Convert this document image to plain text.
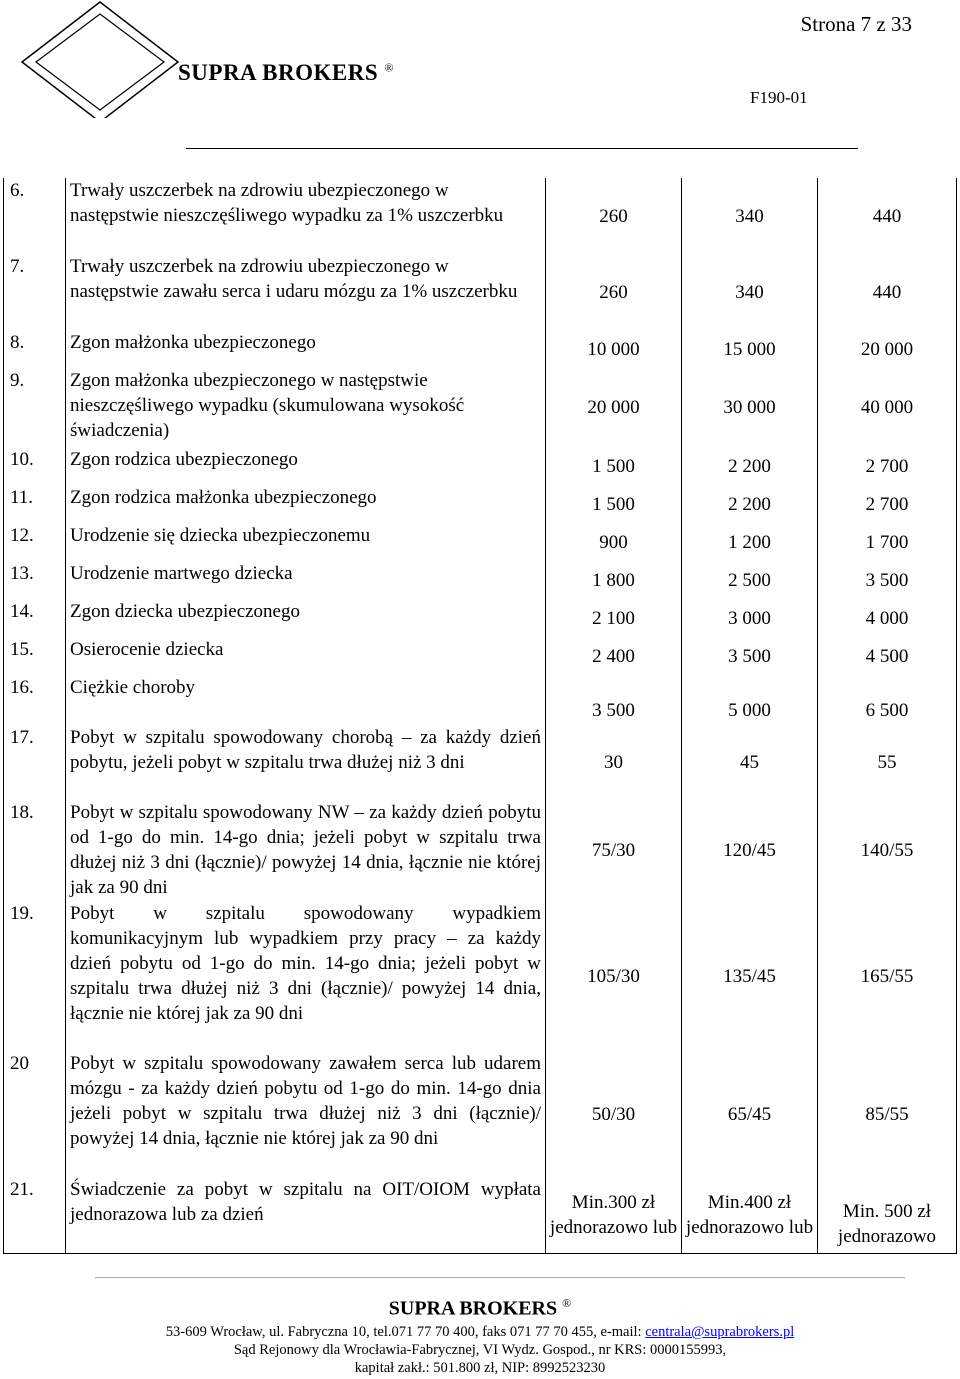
Strona 7 z 33
SUPRA BROKERS ®
F190-01
6.	Trwały uszczerbek na zdrowiu ubezpieczonego w następstwie nieszczęśliwego wypadku za 1% uszczerbku	260	340	440
7.	Trwały uszczerbek na zdrowiu ubezpieczonego w następstwie zawału serca i udaru mózgu za 1% uszczerbku	260	340	440
8.	Zgon małżonka ubezpieczonego	10 000	15 000	20 000
9.	Zgon małżonka ubezpieczonego w następstwie nieszczęśliwego wypadku (skumulowana wysokość świadczenia)	20 000	30 000	40 000
10.	Zgon rodzica ubezpieczonego	1 500	2 200	2 700
11.	Zgon rodzica małżonka ubezpieczonego	1 500	2 200	2 700
12.	Urodzenie się dziecka ubezpieczonemu	900	1 200	1 700
13.	Urodzenie martwego dziecka	1 800	2 500	3 500
14.	Zgon dziecka ubezpieczonego	2 100	3 000	4 000
15.	Osierocenie dziecka	2 400	3 500	4 500
16.	Ciężkie choroby	3 500	5 000	6 500
17.	Pobyt w szpitalu spowodowany chorobą – za każdy dzień pobytu, jeżeli pobyt w szpitalu trwa dłużej niż 3 dni	30	45	55
18.	Pobyt w szpitalu spowodowany NW – za każdy dzień pobytu od 1-go do min. 14-go dnia; jeżeli pobyt w szpitalu trwa dłużej niż 3 dni (łącznie)/ powyżej 14 dnia, łącznie nie której jak za 90 dni	75/30	120/45	140/55
19.	Pobyt w szpitalu spowodowany wypadkiem komunikacyjnym lub wypadkiem przy pracy – za każdy dzień pobytu od 1-go do min. 14-go dnia; jeżeli pobyt w szpitalu trwa dłużej niż 3 dni (łącznie)/ powyżej 14 dnia, łącznie nie której jak za 90 dni	105/30	135/45	165/55
20	Pobyt w szpitalu spowodowany zawałem serca lub udarem mózgu - za każdy dzień pobytu od 1-go do min. 14-go dnia jeżeli pobyt w szpitalu trwa dłużej niż 3 dni (łącznie)/ powyżej 14 dnia, łącznie nie której jak za 90 dni	50/30	65/45	85/55
21.	Świadczenie za pobyt w szpitalu na OIT/OIOM wypłata jednorazowa lub za dzień	Min.300 zł jednorazowo lub	Min.400 zł jednorazowo lub	Min. 500 zł jednorazowo
SUPRA BROKERS ®
53-609 Wrocław, ul. Fabryczna 10, tel.071 77 70 400, faks 071 77 70 455, e-mail: centrala@suprabrokers.pl
Sąd Rejonowy dla Wrocławia-Fabrycznej, VI Wydz. Gospod., nr KRS: 0000155993,
kapitał zakł.: 501.800 zł, NIP: 8992523230
